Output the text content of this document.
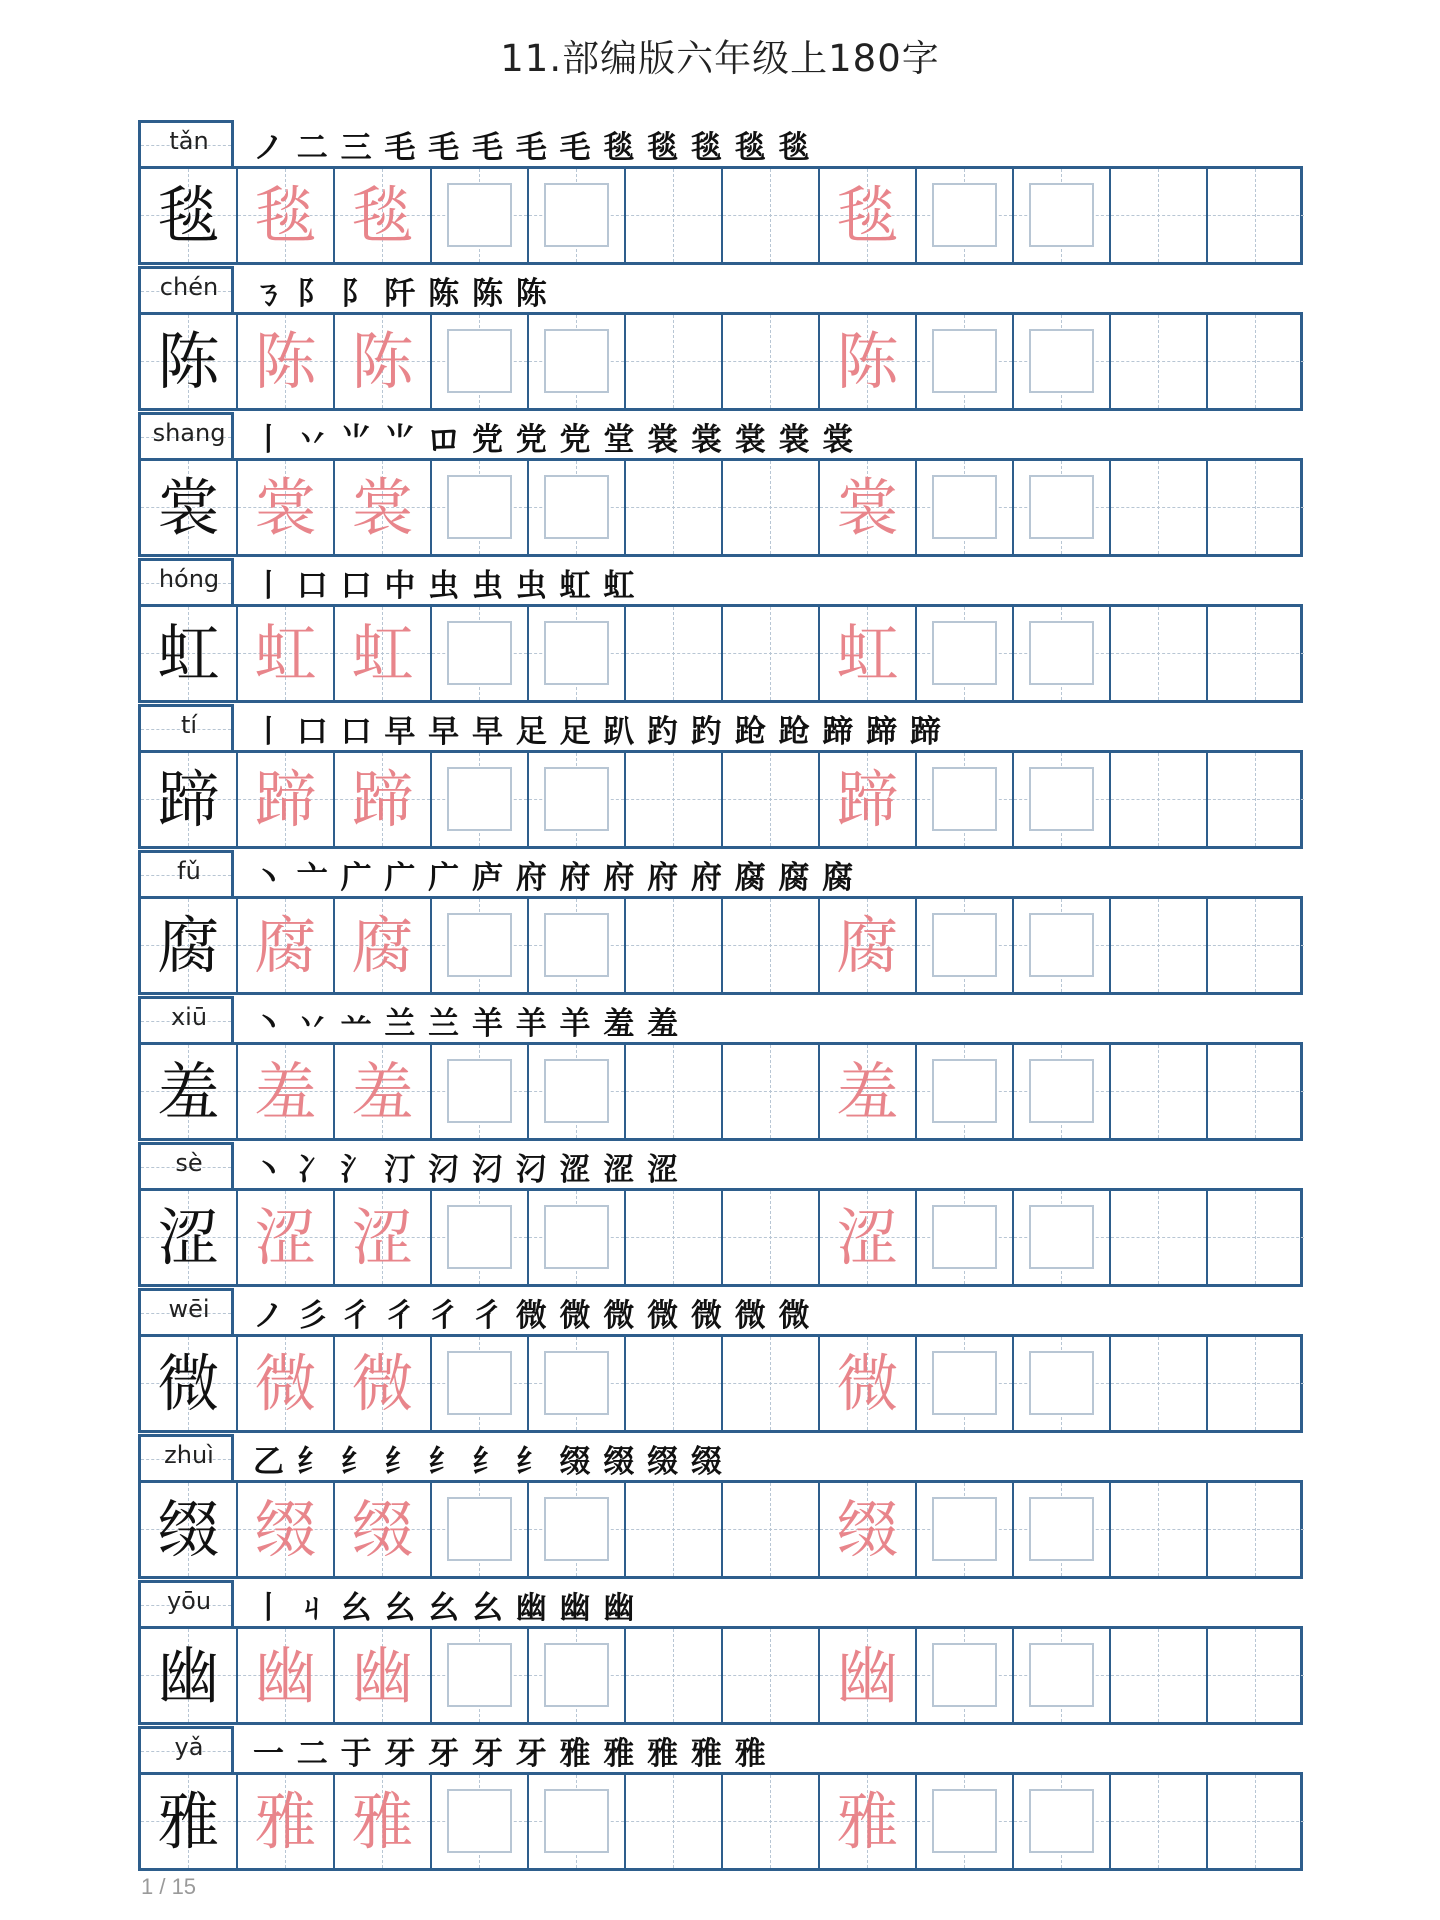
11.部编版六年级上180字
tǎn	ノ 二 三 毛 毛 毛 毛 毛 毯 毯 毯 毯 毯
毯 毯 毯	毯
chén	ㄋ 阝 阝 阡 陈 陈 陈
陈 陈 陈	陈
shang 丨 丷 ⺌ ⺌ 𫩏 党 党 党 堂 裳 裳 裳 裳 裳
裳 裳 裳	裳
hóng	丨 口 口 中 虫 虫 虫 虹 虹
虹 虹 虹	虹
tí	丨 口 口 早 早 早 足 足 趴 趵 趵 跄 跄 蹄 蹄 蹄
蹄 蹄 蹄	蹄
fǔ	丶 亠 广 广 广 庐 府 府 府 府 府 腐 腐 腐
腐 腐 腐	腐
xiū	丶 丷 䒑 兰 兰 羊 羊 羊 羞 羞
羞 羞 羞	羞
sè	丶 冫 氵 汀 汈 汈 汈 涩 涩 涩
涩 涩 涩	涩
wēi	ノ 彡 彳 彳 彳 彳 微 微 微 微 微 微 微
微 微 微	微
zhuì	乙 纟 纟 纟 纟 纟 纟 缀 缀 缀 缀
缀 缀 缀	缀
yōu	丨 ㄐ 幺 幺 幺 幺 幽 幽 幽
幽 幽 幽	幽
yǎ	一 二 于 牙 牙 牙 牙 雅 雅 雅 雅 雅
雅 雅 雅	雅
1 / 15
